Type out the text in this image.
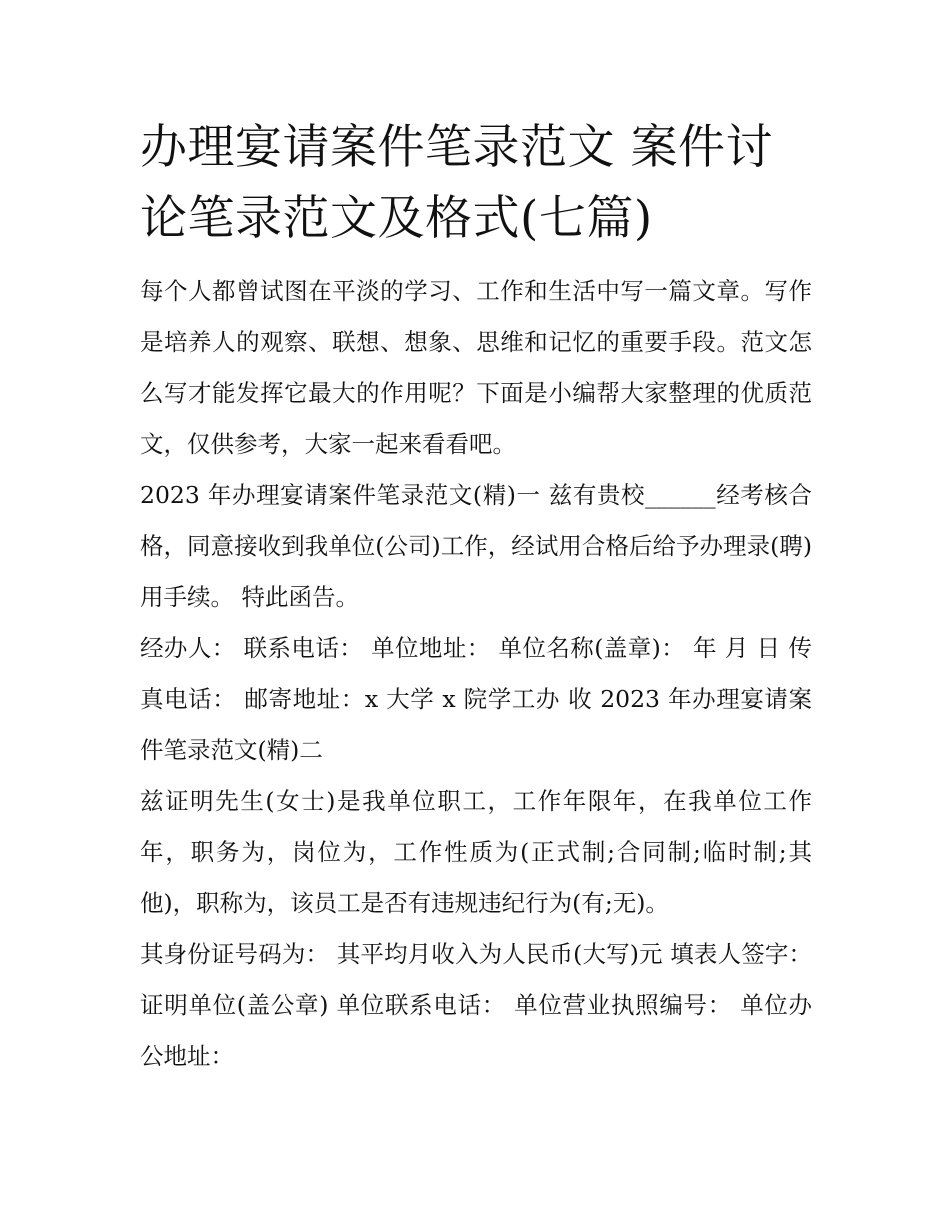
办理宴请案件笔录范文 案件讨论笔录范文及格式(七篇)

每个人都曾试图在平淡的学习、工作和生活中写一篇文章。写作是培养人的观察、联想、想象、思维和记忆的重要手段。范文怎么写才能发挥它最大的作用呢？下面是小编帮大家整理的优质范文，仅供参考，大家一起来看看吧。

2023 年办理宴请案件笔录范文(精)一 兹有贵校______经考核合格，同意接收到我单位(公司)工作，经试用合格后给予办理录(聘)用手续。 特此函告。

经办人： 联系电话： 单位地址： 单位名称(盖章)： 年 月 日 传真电话： 邮寄地址：x 大学 x 院学工办 收 2023 年办理宴请案件笔录范文(精)二

兹证明先生(女士)是我单位职工，工作年限年，在我单位工作年，职务为，岗位为，工作性质为(正式制;合同制;临时制;其他)，职称为，该员工是否有违规违纪行为(有;无)。

其身份证号码为： 其平均月收入为人民币(大写)元 填表人签字：证明单位(盖公章) 单位联系电话： 单位营业执照编号： 单位办公地址：
